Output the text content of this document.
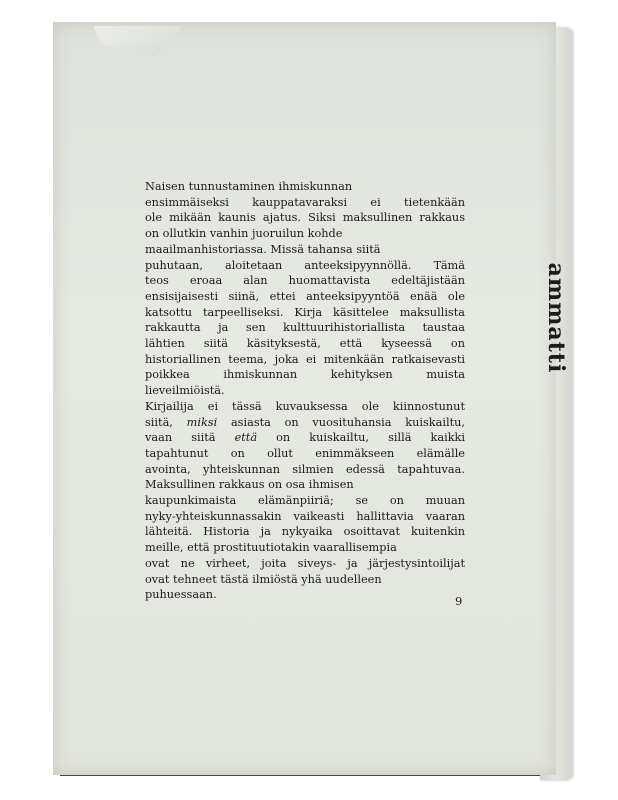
ammatti
Naisen tunnustaminen ihmiskunnan
ensimmäiseksi kauppatavaraksi ei tietenkään
ole mikään kaunis ajatus. Siksi maksullinen rakkaus
on ollutkin vanhin juoruilun kohde
maailmanhistoriassa. Missä tahansa siitä
puhutaan, aloitetaan anteeksipyynnöllä. Tämä
teos eroaa alan huomattavista edeltäjistään
ensisijaisesti siinä, ettei anteeksipyyntöä enää ole
katsottu tarpeelliseksi. Kirja käsittelee maksullista
rakkautta ja sen kulttuurihistoriallista taustaa
lähtien siitä käsityksestä, että kyseessä on
historiallinen teema, joka ei mitenkään ratkaisevasti
poikkea ihmiskunnan kehityksen muista
lieveilmiöistä.
Kirjailija ei tässä kuvauksessa ole kiinnostunut
siitä, miksi asiasta on vuosituhansia kuiskailtu,
vaan siitä että on kuiskailtu, sillä kaikki
tapahtunut on ollut enimmäkseen elämälle
avointa, yhteiskunnan silmien edessä tapahtuvaa.
Maksullinen rakkaus on osa ihmisen
kaupunkimaista elämänpiiriä; se on muuan
nyky-yhteiskunnassakin vaikeasti hallittavia vaaran
lähteitä. Historia ja nykyaika osoittavat kuitenkin
meille, että prostituutiotakin vaarallisempia
ovat ne virheet, joita siveys- ja järjestysintoilijat
ovat tehneet tästä ilmiöstä yhä uudelleen
puhuessaan.	9
